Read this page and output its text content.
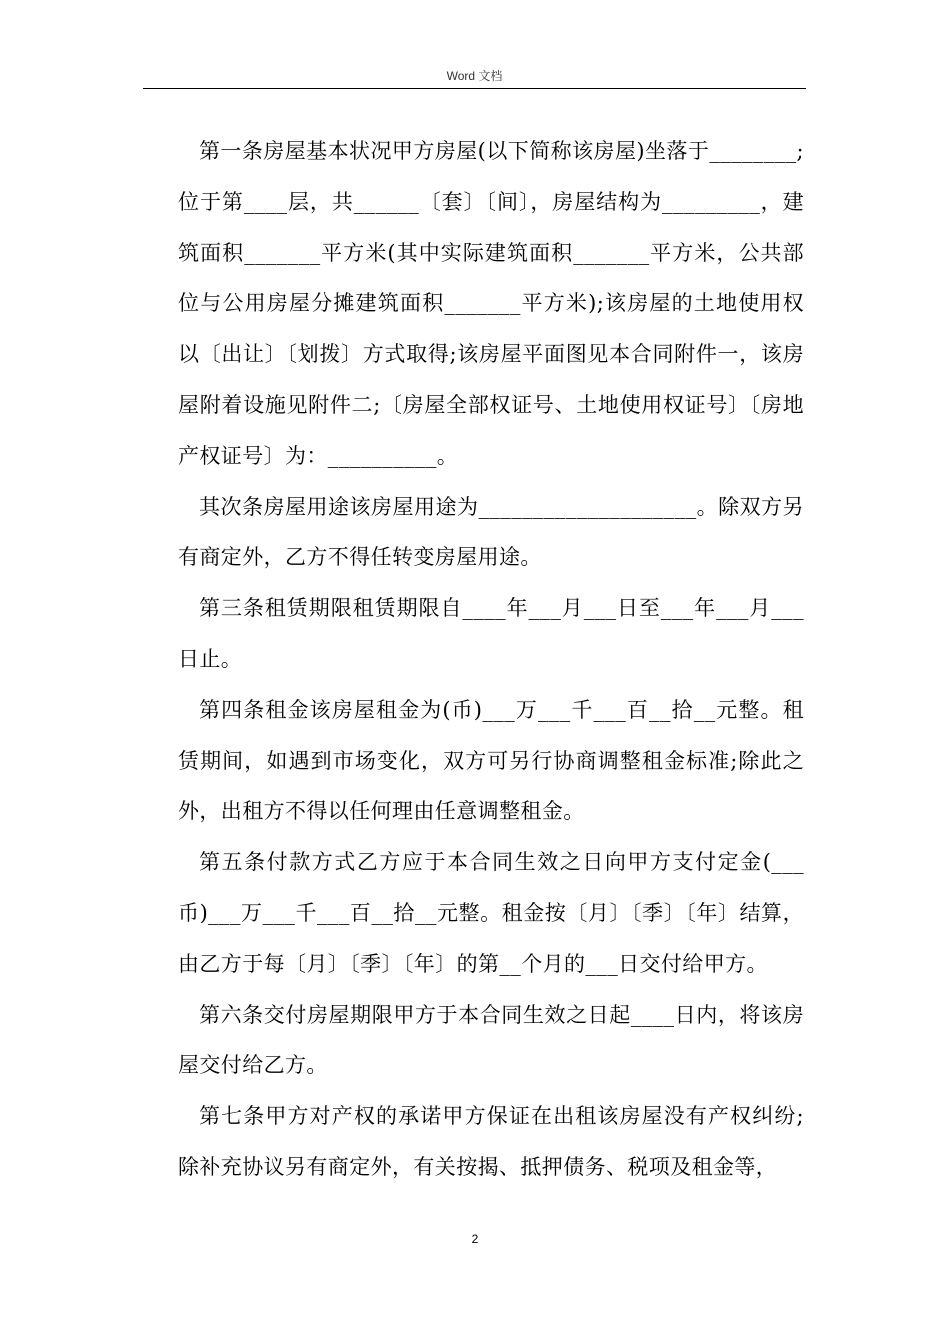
Word 文档

第一条房屋基本状况甲方房屋(以下简称该房屋)坐落于________;位于第____层，共______〔套〕〔间〕，房屋结构为_________，建筑面积_______平方米(其中实际建筑面积_______平方米，公共部位与公用房屋分摊建筑面积_______平方米);该房屋的土地使用权以〔出让〕〔划拨〕方式取得;该房屋平面图见本合同附件一，该房屋附着设施见附件二;〔房屋全部权证号、土地使用权证号〕〔房地产权证号〕为：__________。

其次条房屋用途该房屋用途为____________________。除双方另有商定外，乙方不得任转变房屋用途。

第三条租赁期限租赁期限自____年___月___日至___年___月___日止。

第四条租金该房屋租金为(币)___万___千___百__拾__元整。租赁期间，如遇到市场变化，双方可另行协商调整租金标准;除此之外，出租方不得以任何理由任意调整租金。

第五条付款方式乙方应于本合同生效之日向甲方支付定金(___币)___万___千___百__拾__元整。租金按〔月〕〔季〕〔年〕结算，由乙方于每〔月〕〔季〕〔年〕的第__个月的___日交付给甲方。

第六条交付房屋期限甲方于本合同生效之日起____日内，将该房屋交付给乙方。

第七条甲方对产权的承诺甲方保证在出租该房屋没有产权纠纷;除补充协议另有商定外，有关按揭、抵押债务、税项及租金等，

2
